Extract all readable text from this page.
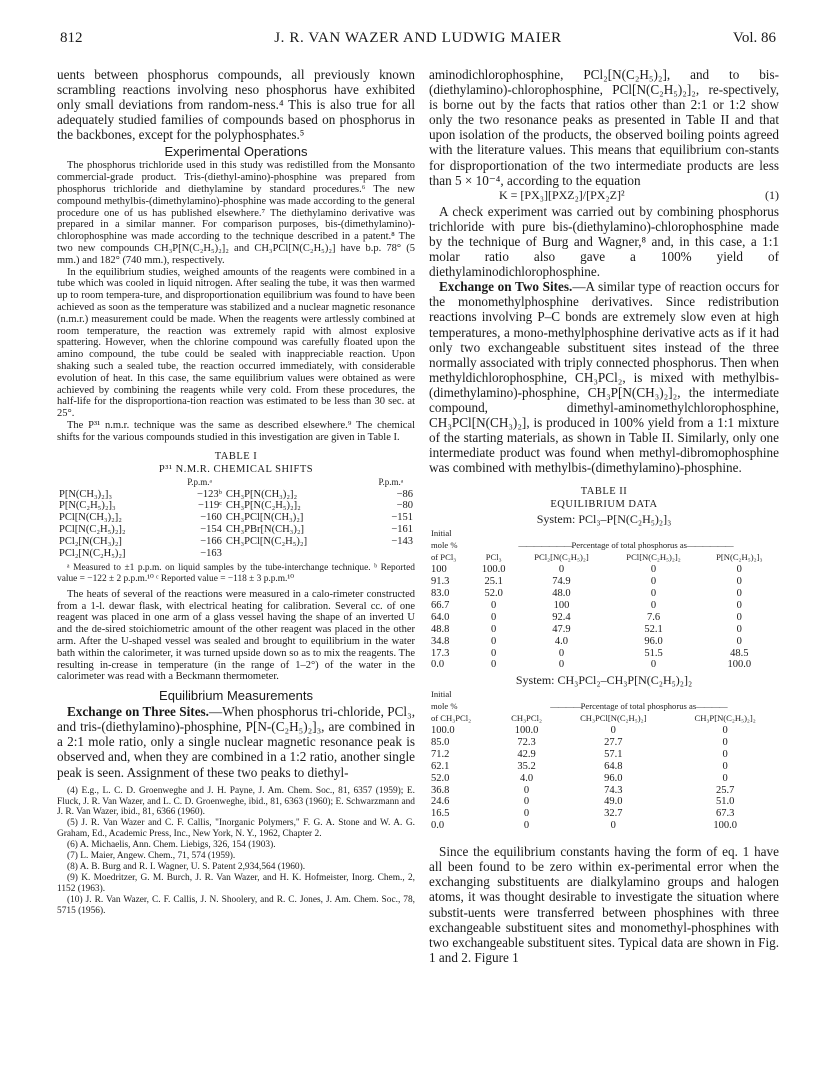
812	J. R. VAN WAZER AND LUDWIG MAIER	Vol. 86

uents between phosphorus compounds, all previously known scrambling reactions involving neso phosphorus have exhibited only small deviations from random-ness.⁴ This is also true for all adequately studied families of compounds based on phosphorus in the backbones, except for the polyphosphates.⁵

Experimental Operations

The phosphorus trichloride used in this study was redistilled from the Monsanto commercial-grade product. Tris-(diethyl-amino)-phosphine was prepared from phosphorus trichloride and diethylamine by standard procedures.⁶ The new compound methylbis-(dimethylamino)-phosphine was made according to the general procedure one of us has published elsewhere.⁷ The diethylamino derivative was prepared in a similar manner. For comparison purposes, bis-(dimethylamino)-chlorophosphine was made according to the technique described in a patent.⁸ The two new compounds CH₃P[N(C₂H₅)₂]₂ and CH₃PCl[N(C₂H₅)₂] have b.p. 78° (5 mm.) and 182° (740 mm.), respectively.

In the equilibrium studies, weighed amounts of the reagents were combined in a tube which was cooled in liquid nitrogen. After sealing the tube, it was then warmed up to room tempera-ture, and disproportionation equilibrium was found to have been achieved as soon as the temperature was stabilized and a nuclear magnetic resonance (n.m.r.) measurement could be made. When the reagents were artlessly combined at room temperature, the reaction was extremely rapid with almost explosive spattering. However, when the chlorine compound was carefully floated upon the amino compound, the tube could be sealed with inappreciable reaction. Upon shaking such a sealed tube, the reaction occurred immediately, with considerable evolution of heat. In this case, the same equilibrium values were obtained as were achieved by combining the reagents while very cold. From these procedures, the half-life for the disproportiona-tion reaction was estimated to be less than 30 sec. at 25°.

The P³¹ n.m.r. technique was the same as described elsewhere.⁹ The chemical shifts for the various compounds studied in this investigation are given in Table I.

TABLE I
P³¹ N.M.R. CHEMICAL SHIFTS
	P.p.m.ᵃ		P.p.m.ᵃ
P[N(CH₃)₂]₃	−123ᵇ	CH₃P[N(CH₃)₂]₂	−86
P[N(C₂H₅)₂]₃	−119ᶜ	CH₃P[N(C₂H₅)₂]₂	−80
PCl[N(CH₃)₂]₂	−160	CH₃PCl[N(CH₃)₂]	−151
PCl[N(C₂H₅)₂]₂	−154	CH₃PBr[N(CH₃)₂]	−161
PCl₂[N(CH₃)₂]	−166	CH₃PCl[N(C₂H₅)₂]	−143
PCl₂[N(C₂H₅)₂]	−163		

ᵃ Measured to ±1 p.p.m. on liquid samples by the tube-interchange technique. ᵇ Reported value = −122 ± 2 p.p.m.¹⁰ ᶜ Reported value = −118 ± 3 p.p.m.¹⁰

The heats of several of the reactions were measured in a calo-rimeter constructed from a 1-l. dewar flask, with electrical heating for calibration. Several cc. of one reagent was placed in one arm of a glass vessel having the shape of an inverted U and the de-sired stoichiometric amount of the other reagent was placed in the other arm. After the U-shaped vessel was sealed and brought to equilibrium in the water bath within the calorimeter, it was turned upside down so as to mix the reagents. The resulting in-crease in temperature (in the range of 1–2°) of the water in the calorimeter was read with a Beckmann thermometer.

Equilibrium Measurements

Exchange on Three Sites.—When phosphorus tri-chloride, PCl₃, and tris-(diethylamino)-phosphine, P[N-(C₂H₅)₂]₃, are combined in a 2:1 mole ratio, only a single nuclear magnetic resonance peak is observed and, when they are combined in a 1:2 ratio, another single peak is seen. Assignment of these two peaks to diethyl-

(4) E.g., L. C. D. Groenweghe and J. H. Payne, J. Am. Chem. Soc., 81, 6357 (1959); E. Fluck, J. R. Van Wazer, and L. C. D. Groenweghe, ibid., 81, 6363 (1960); E. Schwarzmann and J. R. Van Wazer, ibid., 81, 6366 (1960).

(5) J. R. Van Wazer and C. F. Callis, "Inorganic Polymers," F. G. A. Stone and W. A. G. Graham, Ed., Academic Press, Inc., New York, N. Y., 1962, Chapter 2.

(6) A. Michaelis, Ann. Chem. Liebigs, 326, 154 (1903).

(7) L. Maier, Angew. Chem., 71, 574 (1959).

(8) A. B. Burg and R. I. Wagner, U. S. Patent 2,934,564 (1960).

(9) K. Moedritzer, G. M. Burch, J. R. Van Wazer, and H. K. Hofmeister, Inorg. Chem., 2, 1152 (1963).

(10) J. R. Van Wazer, C. F. Callis, J. N. Shoolery, and R. C. Jones, J. Am. Chem. Soc., 78, 5715 (1956).

aminodichlorophosphine, PCl₂[N(C₂H₅)₂], and to bis-(diethylamino)-chlorophosphine, PCl[N(C₂H₅)₂]₂, re-spectively, is borne out by the facts that ratios other than 2:1 or 1:2 show only the two resonance peaks as presented in Table II and that upon isolation of the products, the observed boiling points agreed with the literature values. This means that equilibrium con-stants for disproportionation of the two intermediate products are less than 5 × 10⁻⁴, according to the equation

K = [PX₃][PXZ₂]/[PX₂Z]²	(1)

A check experiment was carried out by combining phosphorus trichloride with pure bis-(diethylamino)-chlorophosphine made by the technique of Burg and Wagner,⁸ and, in this case, a 1:1 molar ratio also gave a 100% yield of diethylaminodichlorophosphine.

Exchange on Two Sites.—A similar type of reaction occurs for the monomethylphosphine derivatives. Since redistribution reactions involving P–C bonds are extremely slow even at high temperatures, a mono-methylphosphine derivative acts as if it had only two exchangeable substituent sites instead of the three normally associated with triply connected phosphorus. Then when methyldichlorophosphine, CH₃PCl₂, is mixed with methylbis-(dimethylamino)-phosphine, CH₃P[N(CH₃)₂]₂, the intermediate compound, dimethyl-aminomethylchlorophosphine, CH₃PCl[N(CH₃)₂], is produced in 100% yield from a 1:1 mixture of the starting materials, as shown in Table II. Similarly, only one intermediate product was found when methyl-dibromophosphine was combined with methylbis-(dimethylamino)-phosphine.

TABLE II
EQUILIBRIUM DATA
System: PCl₃–P[N(C₂H₅)₂]₃
Initial	———————Percentage of total phosphorus as——————			
mole %				
of PCl₃	PCl₃	PCl₂[N(C₂H₅)₂]	PCl[N(C₂H₅)₂]₂	P[N(C₂H₅)₂]₃
100	100.0	0	0	0
91.3	25.1	74.9	0	0
83.0	52.0	48.0	0	0
66.7	0	100	0	0
64.0	0	92.4	7.6	0
48.8	0	47.9	52.1	0
34.8	0	4.0	96.0	0
17.3	0	0	51.5	48.5
0.0	0	0	0	100.0
System: CH₃PCl₂–CH₃P[N(C₂H₅)₂]₂
Initial	————Percentage of total phosphorus as————		
mole %			
of CH₃PCl₂	CH₃PCl₂	CH₃PCl[N(C₂H₅)₂]	CH₃P[N(C₂H₅)₂]₂
100.0	100.0	0	0
85.0	72.3	27.7	0
71.2	42.9	57.1	0
62.1	35.2	64.8	0
52.0	4.0	96.0	0
36.8	0	74.3	25.7
24.6	0	49.0	51.0
16.5	0	32.7	67.3
0.0	0	0	100.0

Since the equilibrium constants having the form of eq. 1 have all been found to be zero within ex-perimental error when the exchanging substituents are dialkylamino groups and halogen atoms, it was thought desirable to investigate the situation where substit-uents were transferred between phosphines with three exchangeable substituent sites and monomethyl-phosphines with two exchangeable substituent sites. Typical data are shown in Fig. 1 and 2. Figure 1
